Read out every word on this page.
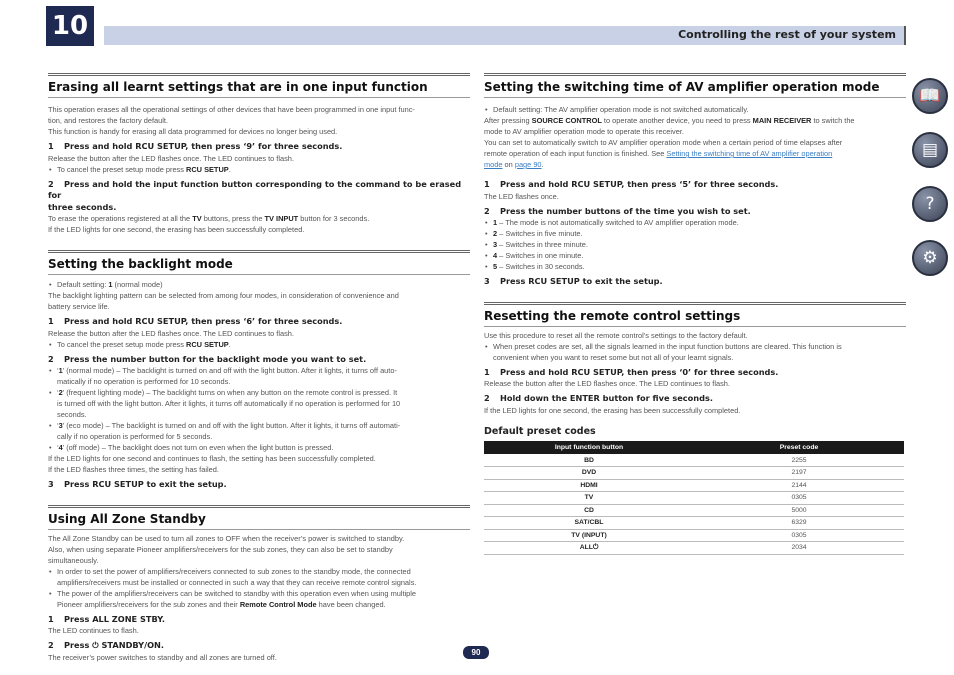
10	Controlling the rest of your system
Erasing all learnt settings that are in one input function

This operation erases all the operational settings of other devices that have been programmed in one input func-

tion, and restores the factory default.

This function is handy for erasing all data programmed for devices no longer being used.

1 Press and hold RCU SETUP, then press ‘9’ for three seconds.

Release the button after the LED flashes once. The LED continues to flash.

• To cancel the preset setup mode press RCU SETUP.

2 Press and hold the input function button corresponding to the command to be erased for

three seconds.

To erase the operations registered at all the TV buttons, press the TV INPUT button for 3 seconds.

If the LED lights for one second, the erasing has been successfully completed.

Setting the backlight mode
• Default setting: 1 (normal mode)

The backlight lighting pattern can be selected from among four modes, in consideration of convenience and

battery service life.

1 Press and hold RCU SETUP, then press ‘6’ for three seconds.

Release the button after the LED flashes once. The LED continues to flash.

• To cancel the preset setup mode press RCU SETUP.

2 Press the number button for the backlight mode you want to set.

• ‘1’ (normal mode) – The backlight is turned on and off with the light button. After it lights, it turns off auto-
matically if no operation is performed for 10 seconds.
• ‘2’ (frequent lighting mode) – The backlight turns on when any button on the remote control is pressed. It
is turned off with the light button. After it lights, it turns off automatically if no operation is performed for 10
seconds.
• ‘3’ (eco mode) – The backlight is turned on and off with the light button. After it lights, it turns off automati-
cally if no operation is performed for 5 seconds.
• ‘4’ (off mode) – The backlight does not turn on even when the light button is pressed.

If the LED lights for one second and continues to flash, the setting has been successfully completed.

If the LED flashes three times, the setting has failed.

3 Press RCU SETUP to exit the setup.

Using All Zone Standby

The All Zone Standby can be used to turn all zones to OFF when the receiver’s power is switched to standby.

Also, when using separate Pioneer amplifiers/receivers for the sub zones, they can also be set to standby

simultaneously.

• In order to set the power of amplifiers/receivers connected to sub zones to the standby mode, the connected
amplifiers/receivers must be installed or connected in such a way that they can receive remote control signals.
• The power of the amplifiers/receivers can be switched to standby with this operation even when using multiple
Pioneer amplifiers/receivers for the sub zones and their Remote Control Mode have been changed.

1 Press ALL ZONE STBY.

The LED continues to flash.

2 Press ⏻ STANDBY/ON.

The receiver’s power switches to standby and all zones are turned off.

Setting the switching time of AV amplifier operation mode
• Default setting: The AV amplifier operation mode is not switched automatically.

After pressing SOURCE CONTROL to operate another device, you need to press MAIN RECEIVER to switch the

mode to AV amplifier operation mode to operate this receiver.

You can set to automatically switch to AV amplifier operation mode when a certain period of time elapses after

remote operation of each input function is finished. See Setting the switching time of AV amplifier operation

mode on page 90.

1 Press and hold RCU SETUP, then press ‘5’ for three seconds.

The LED flashes once.

2 Press the number buttons of the time you wish to set.

• 1 – The mode is not automatically switched to AV amplifier operation mode.
• 2 – Switches in five minute.
• 3 – Switches in three minute.
• 4 – Switches in one minute.
• 5 – Switches in 30 seconds.

3 Press RCU SETUP to exit the setup.

Resetting the remote control settings

Use this procedure to reset all the remote control’s settings to the factory default.

• When preset codes are set, all the signals learned in the input function buttons are cleared. This function is
convenient when you want to reset some but not all of your learnt signals.

1 Press and hold RCU SETUP, then press ‘0’ for three seconds.

Release the button after the LED flashes once. The LED continues to flash.

2 Hold down the ENTER button for five seconds.

If the LED lights for one second, the erasing has been successfully completed.

Default preset codes

Input function button	Preset code
BD	2255
DVD	2197
HDMI	2144
TV	0305
CD	5000
SAT/CBL	6329
TV (INPUT)	0305
ALL⏻	2034
📖
▤
?
⚙
90
